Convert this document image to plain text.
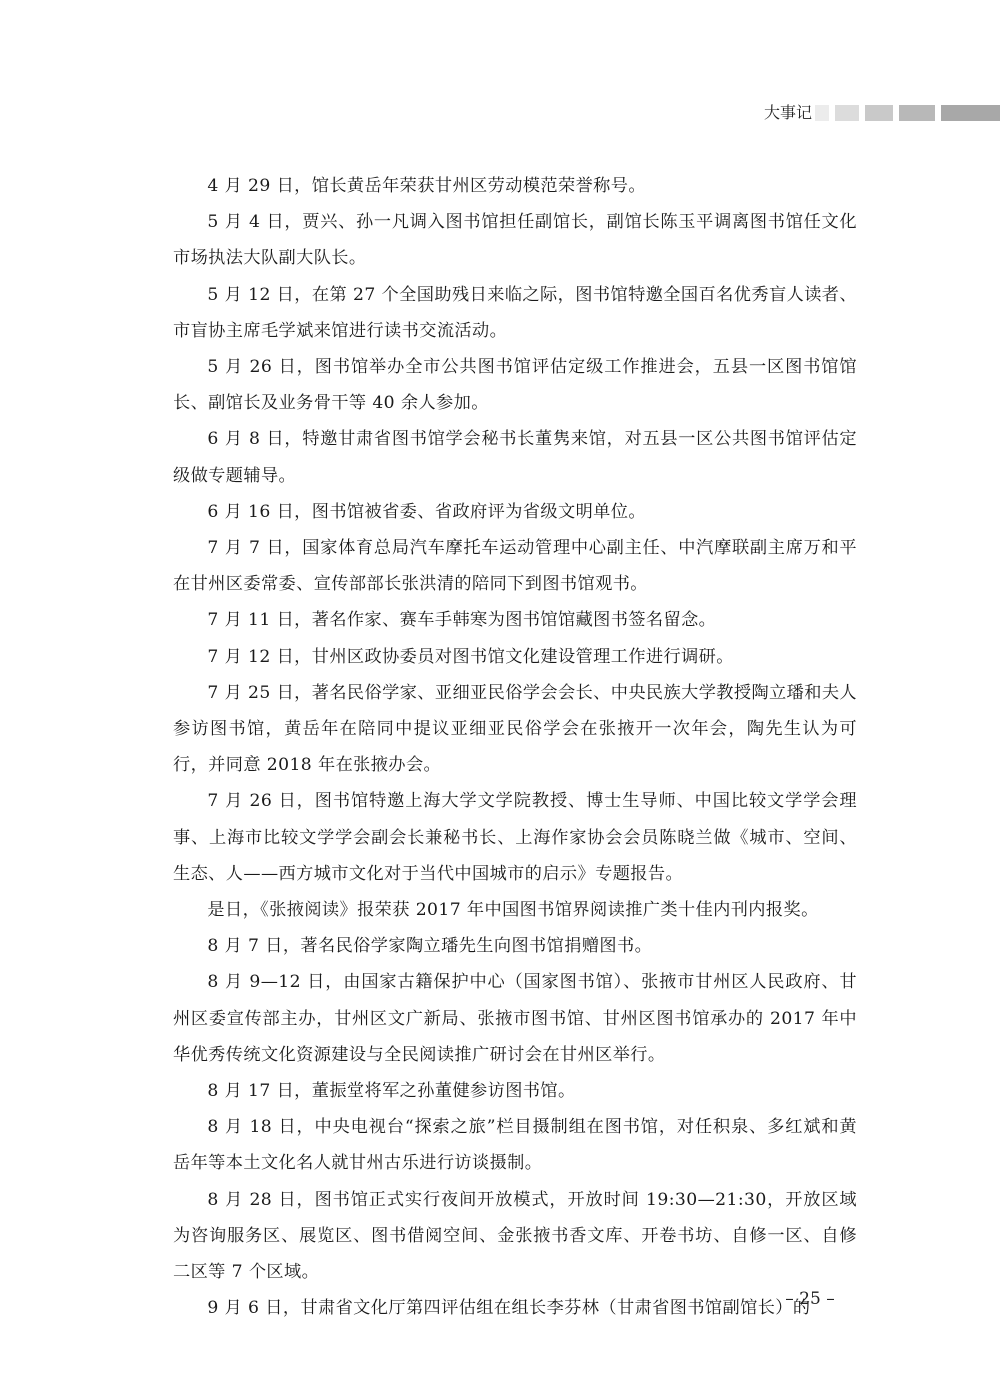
大事记

4 月 29 日，馆长黄岳年荣获甘州区劳动模范荣誉称号。

5 月 4 日，贾兴、孙一凡调入图书馆担任副馆长，副馆长陈玉平调离图书馆任文化市场执法大队副大队长。

5 月 12 日，在第 27 个全国助残日来临之际，图书馆特邀全国百名优秀盲人读者、市盲协主席毛学斌来馆进行读书交流活动。

5 月 26 日，图书馆举办全市公共图书馆评估定级工作推进会，五县一区图书馆馆长、副馆长及业务骨干等 40 余人参加。

6 月 8 日，特邀甘肃省图书馆学会秘书长董隽来馆，对五县一区公共图书馆评估定级做专题辅导。

6 月 16 日，图书馆被省委、省政府评为省级文明单位。

7 月 7 日，国家体育总局汽车摩托车运动管理中心副主任、中汽摩联副主席万和平在甘州区委常委、宣传部部长张洪清的陪同下到图书馆观书。

7 月 11 日，著名作家、赛车手韩寒为图书馆馆藏图书签名留念。

7 月 12 日，甘州区政协委员对图书馆文化建设管理工作进行调研。

7 月 25 日，著名民俗学家、亚细亚民俗学会会长、中央民族大学教授陶立璠和夫人参访图书馆，黄岳年在陪同中提议亚细亚民俗学会在张掖开一次年会，陶先生认为可行，并同意 2018 年在张掖办会。

7 月 26 日，图书馆特邀上海大学文学院教授、博士生导师、中国比较文学学会理事、上海市比较文学学会副会长兼秘书长、上海作家协会会员陈晓兰做《城市、空间、生态、人——西方城市文化对于当代中国城市的启示》专题报告。

是日，《张掖阅读》报荣获 2017 年中国图书馆界阅读推广类十佳内刊内报奖。

8 月 7 日，著名民俗学家陶立璠先生向图书馆捐赠图书。

8 月 9—12 日，由国家古籍保护中心（国家图书馆）、张掖市甘州区人民政府、甘州区委宣传部主办，甘州区文广新局、张掖市图书馆、甘州区图书馆承办的 2017 年中华优秀传统文化资源建设与全民阅读推广研讨会在甘州区举行。

8 月 17 日，董振堂将军之孙董健参访图书馆。

8 月 18 日，中央电视台“探索之旅”栏目摄制组在图书馆，对任积泉、多红斌和黄岳年等本土文化名人就甘州古乐进行访谈摄制。

8 月 28 日，图书馆正式实行夜间开放模式，开放时间 19:30—21:30，开放区域为咨询服务区、展览区、图书借阅空间、金张掖书香文库、开卷书坊、自修一区、自修二区等 7 个区域。

9 月 6 日，甘肃省文化厅第四评估组在组长李芬林（甘肃省图书馆副馆长）的

– 25 –
